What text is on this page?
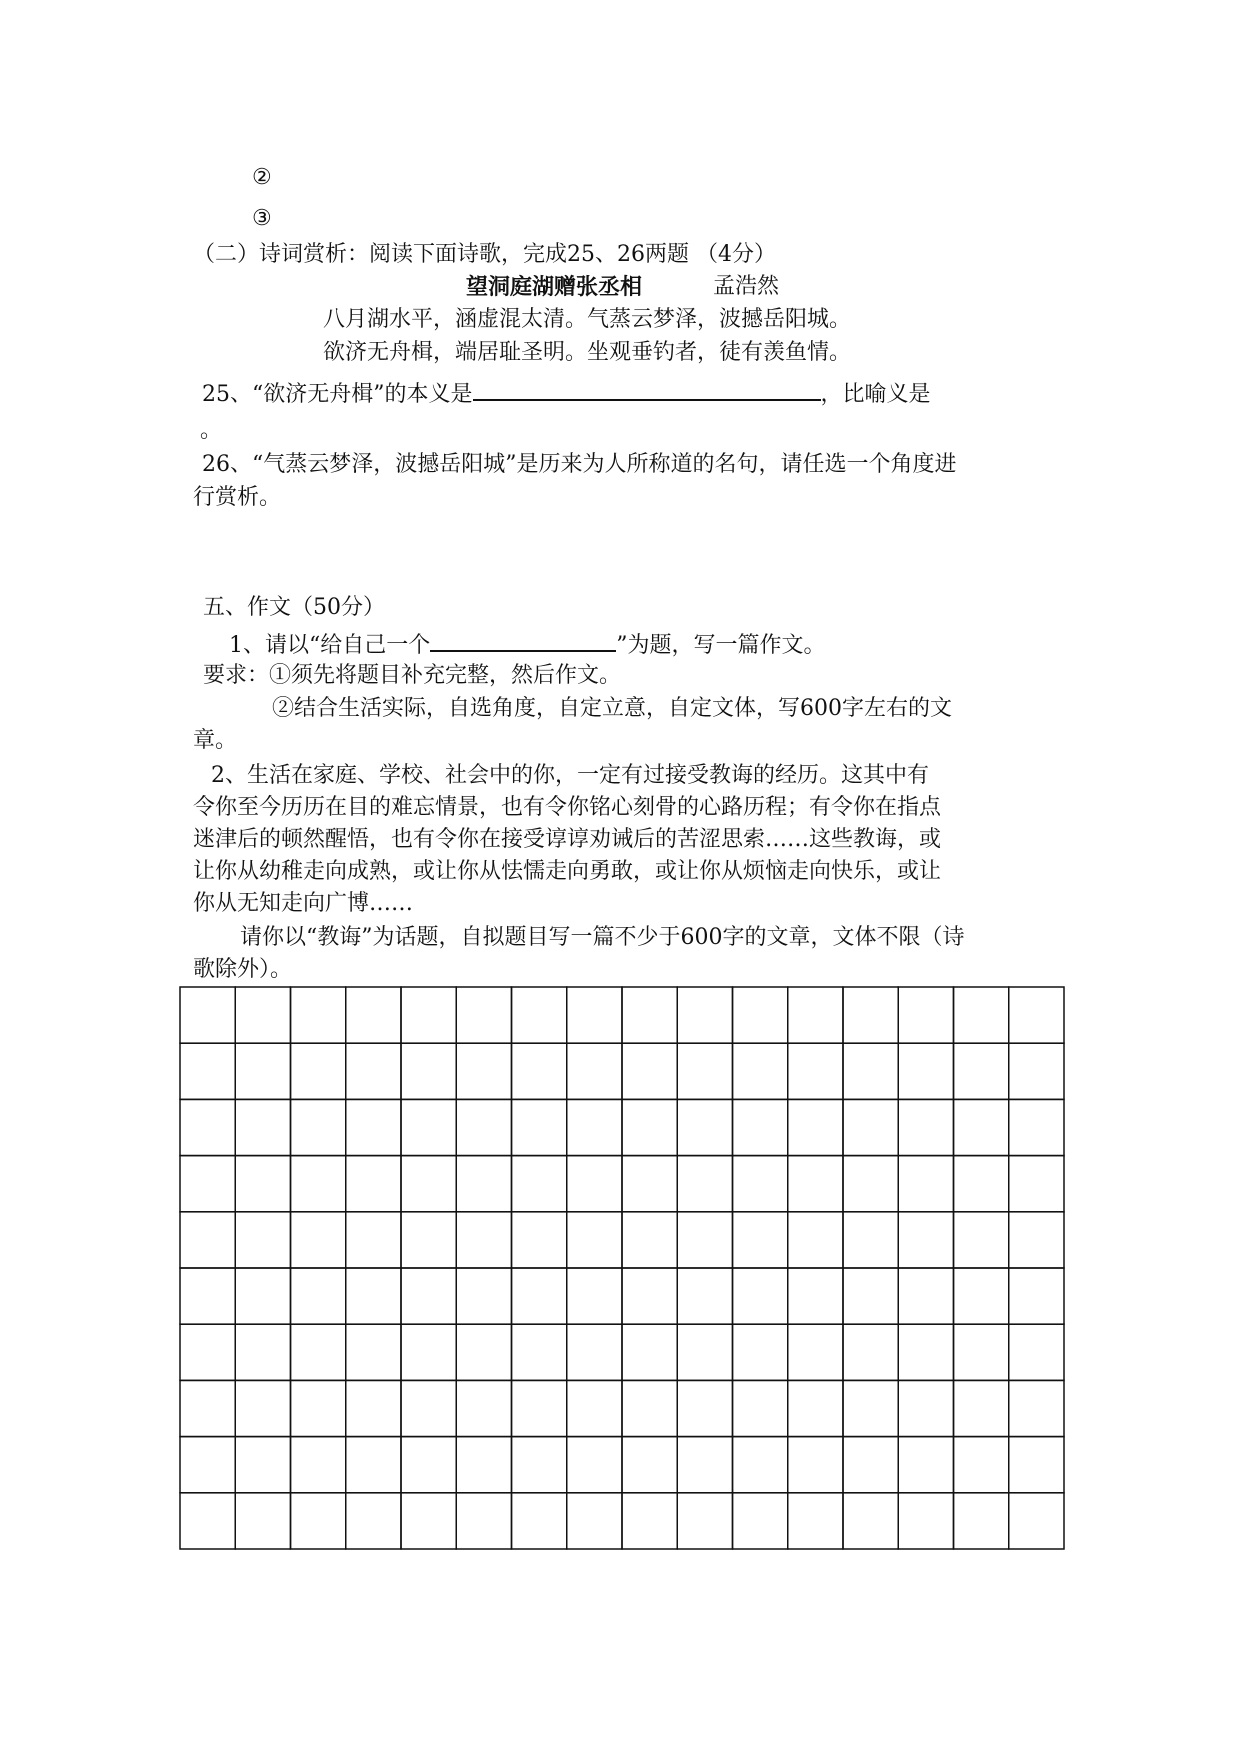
②
③
（二）诗词赏析：阅读下面诗歌，完成25、26两题 （4分）
望洞庭湖赠张丞相	孟浩然
八月湖水平，涵虚混太清。气蒸云梦泽，波撼岳阳城。
欲济无舟楫，端居耻圣明。坐观垂钓者，徒有羡鱼情。
25、“欲济无舟楫”的本义是	，比喻义是
。
26、“气蒸云梦泽，波撼岳阳城”是历来为人所称道的名句，请任选一个角度进
行赏析。
五、作文（50分）
1、请以“给自己一个	”为题，写一篇作文。
要求：①须先将题目补充完整，然后作文。
②结合生活实际，自选角度，自定立意，自定文体，写600字左右的文
章。
2、生活在家庭、学校、社会中的你，一定有过接受教诲的经历。这其中有
令你至今历历在目的难忘情景，也有令你铭心刻骨的心路历程；有令你在指点
迷津后的顿然醒悟，也有令你在接受谆谆劝诫后的苦涩思索……这些教诲，或
让你从幼稚走向成熟，或让你从怯懦走向勇敢，或让你从烦恼走向快乐，或让
你从无知走向广博……
请你以“教诲”为话题，自拟题目写一篇不少于600字的文章，文体不限（诗
歌除外）。
